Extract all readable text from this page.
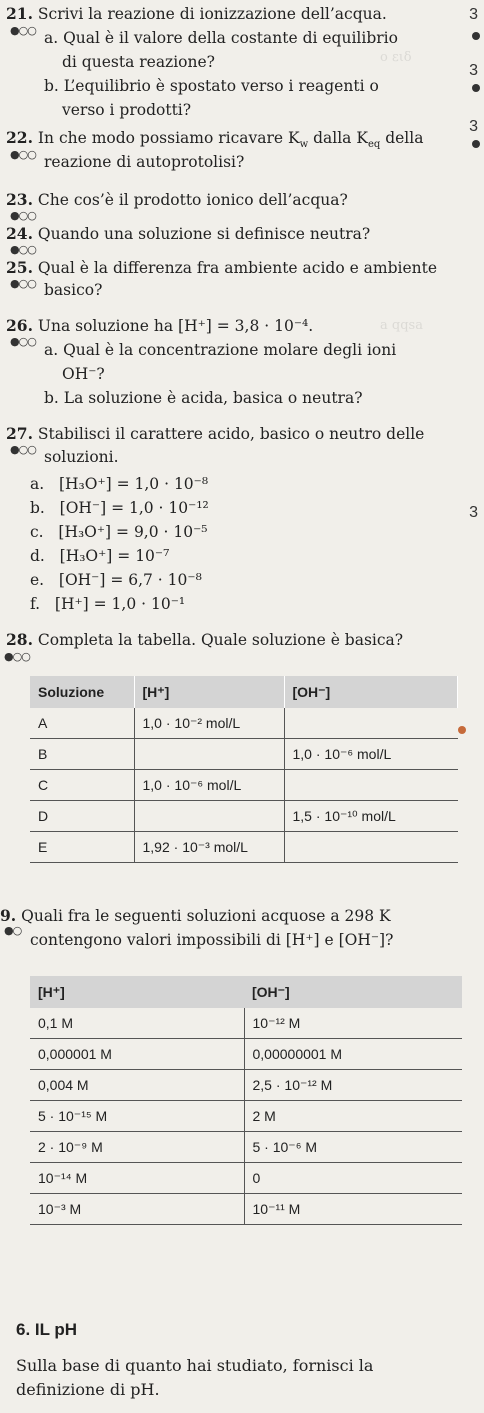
ο ειδ
a qqsa
21. Scrivi la reazione di ionizzazione dell’acqua.
●○○
3
a. Qual è il valore della costante di equilibrio
di questa reazione?
b. L’equilibrio è spostato verso i reagenti o
3
verso i prodotti?
22. In che modo possiamo ricavare $K_w$ dalla $K_{eq}$ della
3
●○○ reazione di autoprotolisi?
23. Che cos’è il prodotto ionico dell’acqua?
●○○
24. Quando una soluzione si definisce neutra?
●○○
25. Qual è la differenza fra ambiente acido e ambiente
●○○ basico?
26. Una soluzione ha [H⁺] = 3,8 · 10⁻⁴.
●○○ a. Qual è la concentrazione molare degli ioni
OH⁻?
b. La soluzione è acida, basica o neutra?
27. Stabilisci il carattere acido, basico o neutro delle
●○○ soluzioni.
3
a. [H₃O⁺] = 1,0 · 10⁻⁸
b. [OH⁻] = 1,0 · 10⁻¹²
c. [H₃O⁺] = 9,0 · 10⁻⁵
d. [H₃O⁺] = 10⁻⁷
e. [OH⁻] = 6,7 · 10⁻⁸
f. [H⁺] = 1,0 · 10⁻¹
28. Completa la tabella. Quale soluzione è basica?
●○○
Soluzione	[H⁺]	[OH⁻]
A	1,0 · 10⁻² mol/L	
B		1,0 · 10⁻⁶ mol/L
C	1,0 · 10⁻⁶ mol/L	
D		1,5 · 10⁻¹⁰ mol/L
E	1,92 · 10⁻³ mol/L	
9. Quali fra le seguenti soluzioni acquose a 298 K
●○
contengono valori impossibili di [H⁺] e [OH⁻]?
[H⁺]	[OH⁻]
0,1 M	10⁻¹² M
0,000001 M	0,00000001 M
0,004 M	2,5 · 10⁻¹² M
5 · 10⁻¹⁵ M	2 M
2 · 10⁻⁹ M	5 · 10⁻⁶ M
10⁻¹⁴ M	0
10⁻³ M	10⁻¹¹ M
6. IL pH
Sulla base di quanto hai studiato, fornisci la
definizione di pH.
